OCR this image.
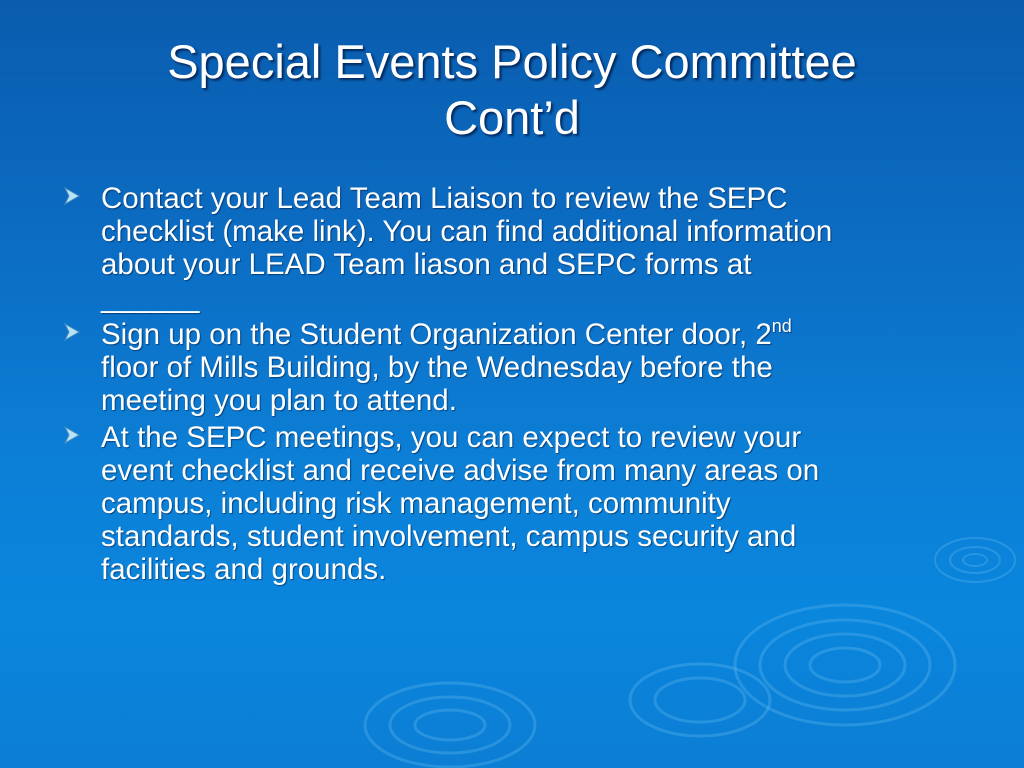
Special Events Policy Committee
Cont’d
Contact your Lead Team Liaison to review the SEPC
checklist (make link). You can find additional information
about your LEAD Team liason and SEPC forms at
______
Sign up on the Student Organization Center door, 2nd
floor of Mills Building, by the Wednesday before the
meeting you plan to attend.
At the SEPC meetings, you can expect to review your
event checklist and receive advise from many areas on
campus, including risk management, community
standards, student involvement, campus security and
facilities and grounds.
